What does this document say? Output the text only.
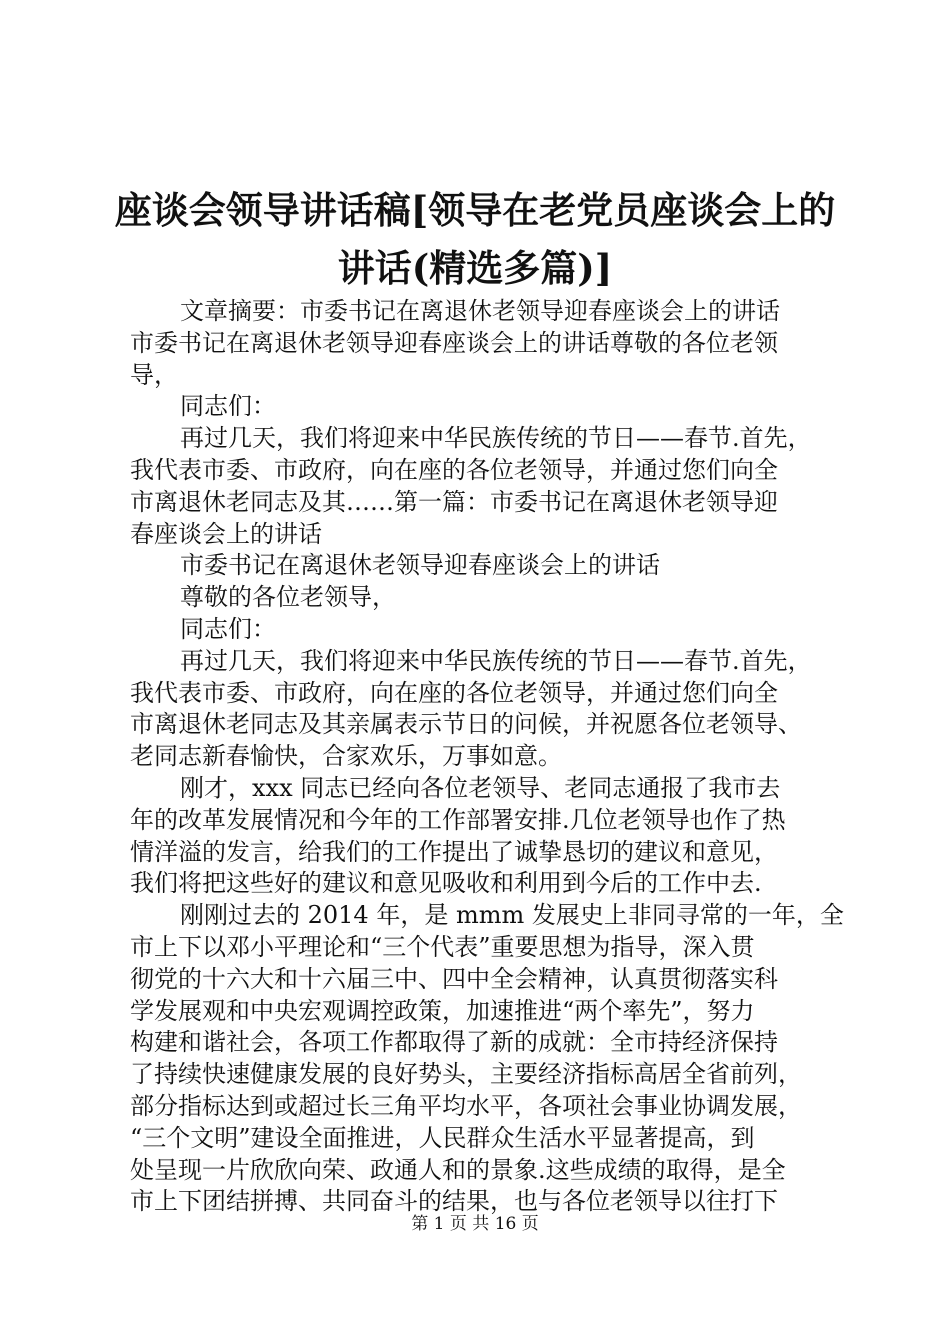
座谈会领导讲话稿[领导在老党员座谈会上的
讲话(精选多篇)]
文章摘要：市委书记在离退休老领导迎春座谈会上的讲话
市委书记在离退休老领导迎春座谈会上的讲话尊敬的各位老领
导，
同志们：
再过几天，我们将迎来中华民族传统的节日——春节.首先，
我代表市委、市政府，向在座的各位老领导，并通过您们向全
市离退休老同志及其……第一篇：市委书记在离退休老领导迎
春座谈会上的讲话
市委书记在离退休老领导迎春座谈会上的讲话
尊敬的各位老领导，
同志们：
再过几天，我们将迎来中华民族传统的节日——春节.首先，
我代表市委、市政府，向在座的各位老领导，并通过您们向全
市离退休老同志及其亲属表示节日的问候，并祝愿各位老领导、
老同志新春愉快，合家欢乐，万事如意。
刚才，xxx 同志已经向各位老领导、老同志通报了我市去
年的改革发展情况和今年的工作部署安排.几位老领导也作了热
情洋溢的发言，给我们的工作提出了诚挚恳切的建议和意见，
我们将把这些好的建议和意见吸收和利用到今后的工作中去.
刚刚过去的 2014 年，是 mmm 发展史上非同寻常的一年，全
市上下以邓小平理论和“三个代表”重要思想为指导，深入贯
彻党的十六大和十六届三中、四中全会精神，认真贯彻落实科
学发展观和中央宏观调控政策，加速推进“两个率先”，努力
构建和谐社会，各项工作都取得了新的成就：全市持经济保持
了持续快速健康发展的良好势头，主要经济指标高居全省前列，
部分指标达到或超过长三角平均水平，各项社会事业协调发展，
“三个文明”建设全面推进，人民群众生活水平显著提高，到
处呈现一片欣欣向荣、政通人和的景象.这些成绩的取得，是全
市上下团结拼搏、共同奋斗的结果，也与各位老领导以往打下
第 1 页 共 16 页
